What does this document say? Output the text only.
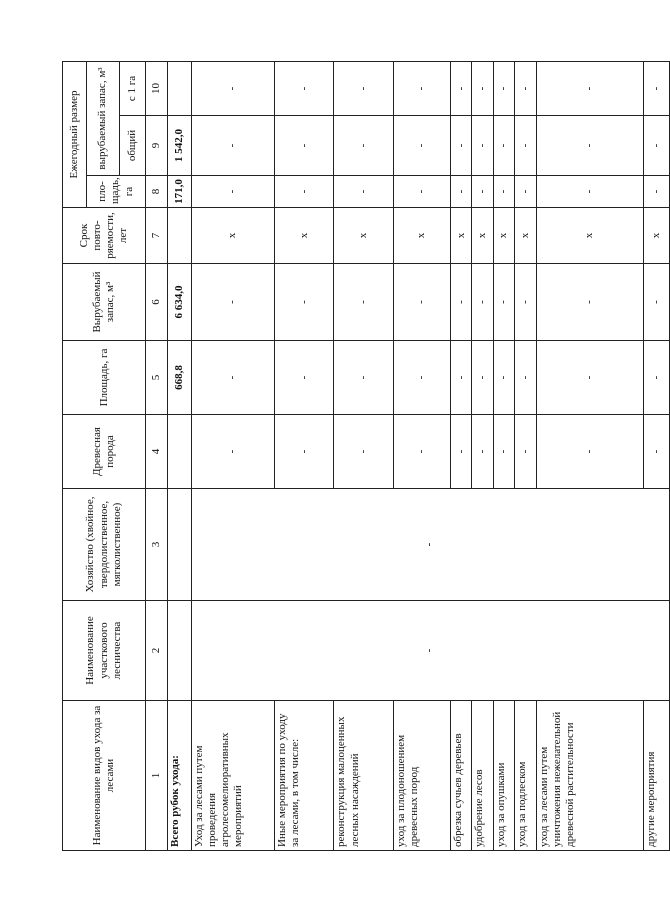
Наименование видов ухода за лесами	Наименование участкового лесничества	Хозяйство (хвойное, твердолиственное, мягколиственное)	Древесная порода	Площадь, га	Вырубаемый запас, м³	Срок повто-ряемости, лет	Ежегодный размер		
							пло-щадь, га	вырубаемый запас, м³	
								общий	с 1 га
1	2	3	4	5	6	7	8	9	10
Всего рубок ухода:				668,8	6 634,0		171,0	1 542,0	
Уход за лесами путем проведения агролесомелиоративных мероприятий	-	-	-	-	-	x	-	-	-
Иные мероприятия по уходу за лесами, в том числе:			-	-	-	x	-	-	-
реконструкция малоценных лесных насаждений			-	-	-	x	-	-	-
уход за плодоношением древесных пород			-	-	-	x	-	-	-
обрезка сучьев деревьев			-	-	-	x	-	-	-
удобрение лесов			-	-	-	x	-	-	-
уход за опушками			-	-	-	x	-	-	-
уход за подлеском			-	-	-	x	-	-	-
уход за лесами путем уничтожения нежелательной древесной растительности			-	-	-	x	-	-	-
другие мероприятия			-	-	-	x	-	-	-
